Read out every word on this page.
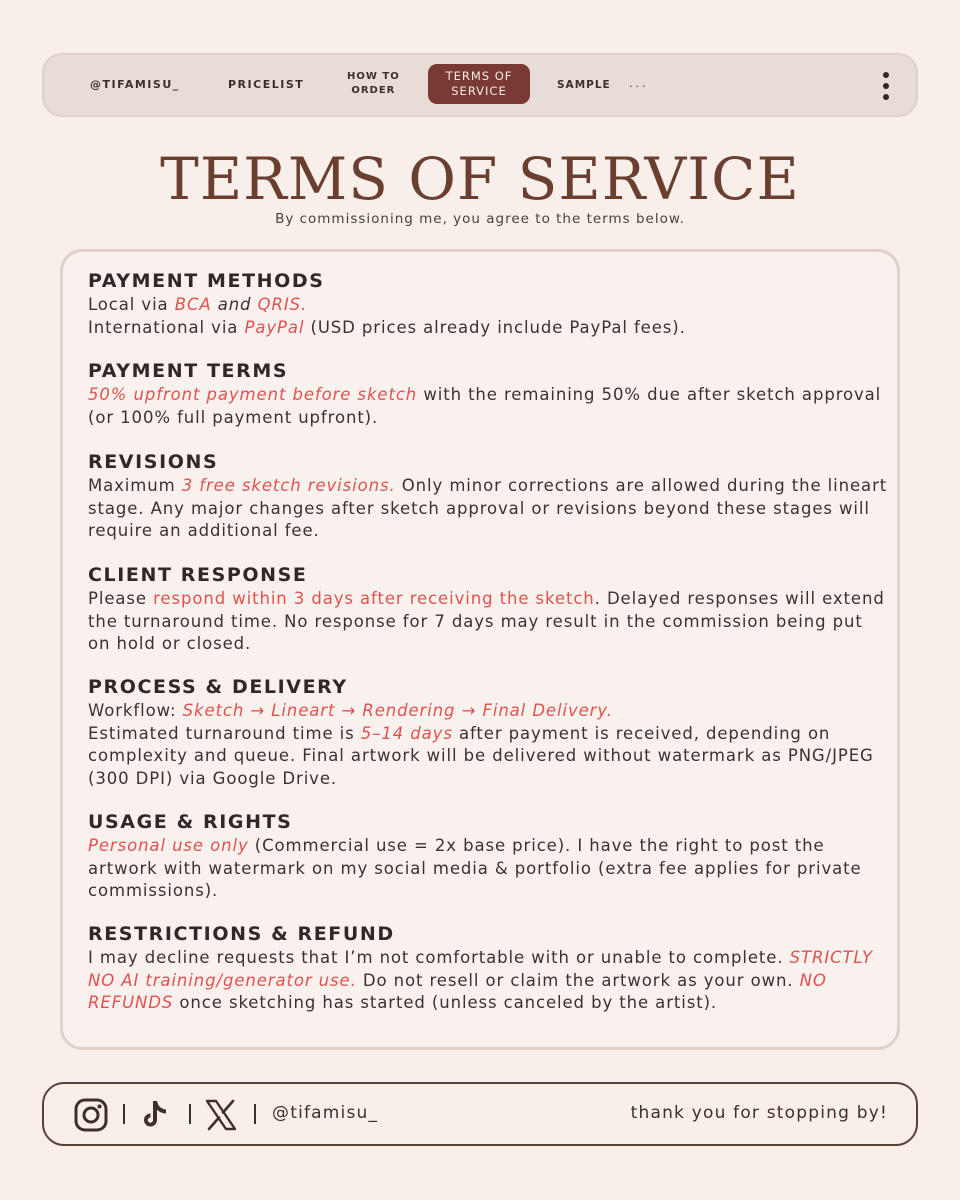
@TIFAMISU_	PRICELIST
HOW TO
ORDER
TERMS OF
SERVICE	SAMPLE ...
TERMS OF SERVICE
By commissioning me, you agree to the terms below.
PAYMENT METHODS
Local via BCA and QRIS.
International via PayPal (USD prices already include PayPal fees).
PAYMENT TERMS
50% upfront payment before sketch with the remaining 50% due after sketch approval (or 100% full payment upfront).
REVISIONS
Maximum 3 free sketch revisions. Only minor corrections are allowed during the lineart stage. Any major changes after sketch approval or revisions beyond these stages will require an additional fee.
CLIENT RESPONSE
Please respond within 3 days after receiving the sketch. Delayed responses will extend the turnaround time. No response for 7 days may result in the commission being put on hold or closed.
PROCESS & DELIVERY
Workflow: Sketch → Lineart → Rendering → Final Delivery.
Estimated turnaround time is 5–14 days after payment is received, depending on complexity and queue. Final artwork will be delivered without watermark as PNG/JPEG (300 DPI) via Google Drive.
USAGE & RIGHTS
Personal use only (Commercial use = 2x base price). I have the right to post the artwork with watermark on my social media & portfolio (extra fee applies for private commissions).
RESTRICTIONS & REFUND
I may decline requests that I’m not comfortable with or unable to complete. STRICTLY NO AI training/generator use. Do not resell or claim the artwork as your own. NO REFUNDS once sketching has started (unless canceled by the artist).
@tifamisu_	thank you for stopping by!
